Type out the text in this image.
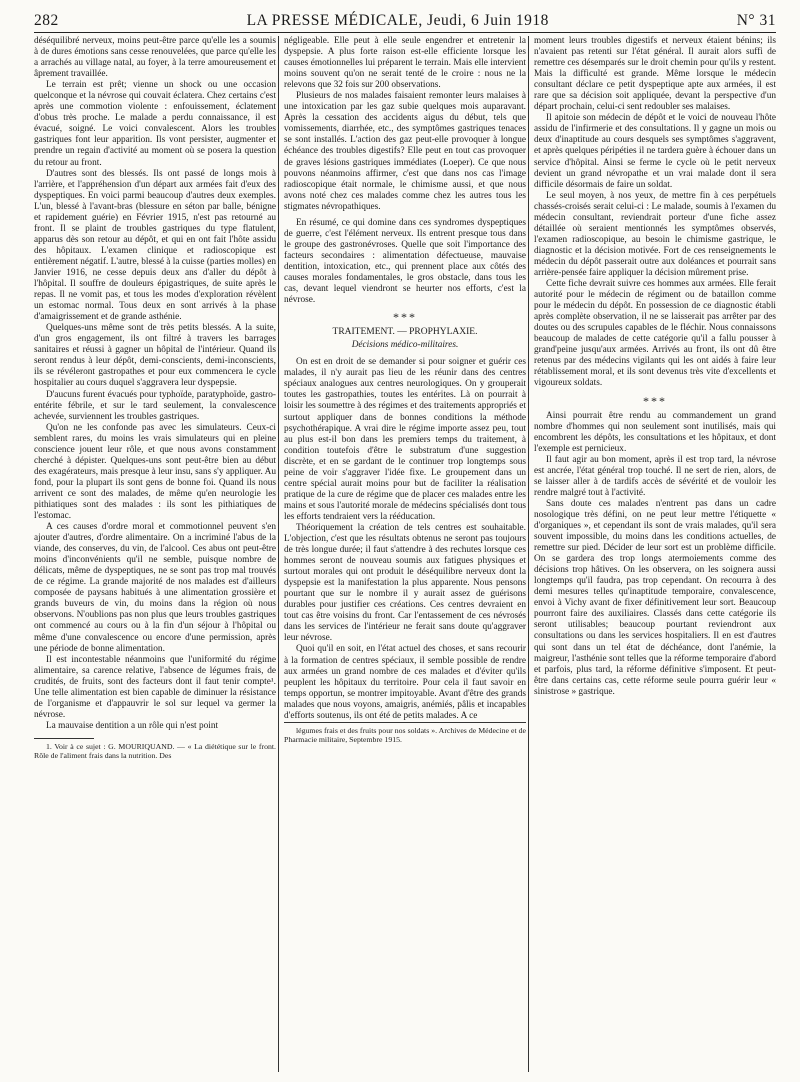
282	LA PRESSE MÉDICALE, Jeudi, 6 Juin 1918	N° 31

déséquilibré nerveux, moins peut-être parce qu'elle les a soumis à de dures émotions sans cesse renouvelées, que parce qu'elle les a arrachés au village natal, au foyer, à la terre amoureusement et âprement travaillée.

Le terrain est prêt; vienne un shock ou une occasion quelconque et la névrose qui couvait éclatera. Chez certains c'est après une commotion violente : enfouissement, éclatement d'obus très proche. Le malade a perdu connaissance, il est évacué, soigné. Le voici convalescent. Alors les troubles gastriques font leur apparition. Ils vont persister, augmenter et prendre un regain d'activité au moment où se posera la question du retour au front.

D'autres sont des blessés. Ils ont passé de longs mois à l'arrière, et l'appréhension d'un départ aux armées fait d'eux des dyspeptiques. En voici parmi beaucoup d'autres deux exemples. L'un, blessé à l'avant-bras (blessure en séton par balle, bénigne et rapidement guérie) en Février 1915, n'est pas retourné au front. Il se plaint de troubles gastriques du type flatulent, apparus dès son retour au dépôt, et qui en ont fait l'hôte assidu des hôpitaux. L'examen clinique et radioscopique est entièrement négatif. L'autre, blessé à la cuisse (parties molles) en Janvier 1916, ne cesse depuis deux ans d'aller du dépôt à l'hôpital. Il souffre de douleurs épigastriques, de suite après le repas. Il ne vomit pas, et tous les modes d'exploration révèlent un estomac normal. Tous deux en sont arrivés à la phase d'amaigrissement et de grande asthénie.

Quelques-uns même sont de très petits blessés. A la suite, d'un gros engagement, ils ont filtré à travers les barrages sanitaires et réussi à gagner un hôpital de l'intérieur. Quand ils seront rendus à leur dépôt, demi-conscients, demi-inconscients, ils se révéleront gastropathes et pour eux commencera le cycle hospitalier au cours duquel s'aggravera leur dyspepsie.

D'aucuns furent évacués pour typhoïde, paratyphoïde, gastro-entérite fébrile, et sur le tard seulement, la convalescence achevée, surviennent les troubles gastriques.

Qu'on ne les confonde pas avec les simulateurs. Ceux-ci semblent rares, du moins les vrais simulateurs qui en pleine conscience jouent leur rôle, et que nous avons constamment cherché à dépister. Quelques-uns sont peut-être bien au début des exagérateurs, mais presque à leur insu, sans s'y appliquer. Au fond, pour la plupart ils sont gens de bonne foi. Quand ils nous arrivent ce sont des malades, de même qu'en neurologie les pithiatiques sont des malades : ils sont les pithiatiques de l'estomac.

A ces causes d'ordre moral et commotionnel peuvent s'en ajouter d'autres, d'ordre alimentaire. On a incriminé l'abus de la viande, des conserves, du vin, de l'alcool. Ces abus ont peut-être moins d'inconvénients qu'il ne semble, puisque nombre de délicats, même de dyspeptiques, ne se sont pas trop mal trouvés de ce régime. La grande majorité de nos malades est d'ailleurs composée de paysans habitués à une alimentation grossière et grands buveurs de vin, du moins dans la région où nous observons. N'oublions pas non plus que leurs troubles gastriques ont commencé au cours ou à la fin d'un séjour à l'hôpital ou même d'une convalescence ou encore d'une permission, après une période de bonne alimentation.

Il est incontestable néanmoins que l'uniformité du régime alimentaire, sa carence relative, l'absence de légumes frais, de crudités, de fruits, sont des facteurs dont il faut tenir compte¹. Une telle alimentation est bien capable de diminuer la résistance de l'organisme et d'appauvrir le sol sur lequel va germer la névrose.

La mauvaise dentition a un rôle qui n'est point

1. Voir à ce sujet : G. MOURIQUAND. — « La diététique sur le front. Rôle de l'aliment frais dans la nutrition. Des

négligeable. Elle peut à elle seule engendrer et entretenir la dyspepsie. A plus forte raison est-elle efficiente lorsque les causes émotionnelles lui préparent le terrain. Mais elle intervient moins souvent qu'on ne serait tenté de le croire : nous ne la relevons que 32 fois sur 200 observations.

Plusieurs de nos malades faisaient remonter leurs malaises à une intoxication par les gaz subie quelques mois auparavant. Après la cessation des accidents aigus du début, tels que vomissements, diarrhée, etc., des symptômes gastriques tenaces se sont installés. L'action des gaz peut-elle provoquer à longue échéance des troubles digestifs? Elle peut en tout cas provoquer de graves lésions gastriques immédiates (Loeper). Ce que nous pouvons néanmoins affirmer, c'est que dans nos cas l'image radioscopique était normale, le chimisme aussi, et que nous avons noté chez ces malades comme chez les autres tous les stigmates névropathiques.

En résumé, ce qui domine dans ces syndromes dyspeptiques de guerre, c'est l'élément nerveux. Ils entrent presque tous dans le groupe des gastronévroses. Quelle que soit l'importance des facteurs secondaires : alimentation défectueuse, mauvaise dentition, intoxication, etc., qui prennent place aux côtés des causes morales fondamentales, le gros obstacle, dans tous les cas, devant lequel viendront se heurter nos efforts, c'est la névrose.

***

TRAITEMENT. — PROPHYLAXIE.

Décisions médico-militaires.

On est en droit de se demander si pour soigner et guérir ces malades, il n'y aurait pas lieu de les réunir dans des centres spéciaux analogues aux centres neurologiques. On y grouperait toutes les gastropathies, toutes les entérites. Là on pourrait à loisir les soumettre à des régimes et des traitements appropriés et surtout appliquer dans de bonnes conditions la méthode psychothérapique. A vrai dire le régime importe assez peu, tout au plus est-il bon dans les premiers temps du traitement, à condition toutefois d'être le substratum d'une suggestion discrète, et en se gardant de le continuer trop longtemps sous peine de voir s'aggraver l'idée fixe. Le groupement dans un centre spécial aurait moins pour but de faciliter la réalisation pratique de la cure de régime que de placer ces malades entre les mains et sous l'autorité morale de médecins spécialisés dont tous les efforts tendraient vers la rééducation.

Théoriquement la création de tels centres est souhaitable. L'objection, c'est que les résultats obtenus ne seront pas toujours de très longue durée; il faut s'attendre à des rechutes lorsque ces hommes seront de nouveau soumis aux fatigues physiques et surtout morales qui ont produit le déséquilibre nerveux dont la dyspepsie est la manifestation la plus apparente. Nous pensons pourtant que sur le nombre il y aurait assez de guérisons durables pour justifier ces créations. Ces centres devraient en tout cas être voisins du front. Car l'entassement de ces névrosés dans les services de l'intérieur ne ferait sans doute qu'aggraver leur névrose.

Quoi qu'il en soit, en l'état actuel des choses, et sans recourir à la formation de centres spéciaux, il semble possible de rendre aux armées un grand nombre de ces malades et d'éviter qu'ils peuplent les hôpitaux du territoire. Pour cela il faut savoir en temps opportun, se montrer impitoyable. Avant d'être des grands malades que nous voyons, amaigris, anémiés, pâlis et incapables d'efforts soutenus, ils ont été de petits malades. A ce

légumes frais et des fruits pour nos soldats ». Archives de Médecine et de Pharmacie militaire, Septembre 1915.

moment leurs troubles digestifs et nerveux étaient bénins; ils n'avaient pas retenti sur l'état général. Il aurait alors suffi de remettre ces désemparés sur le droit chemin pour qu'ils y restent. Mais la difficulté est grande. Même lorsque le médecin consultant déclare ce petit dyspeptique apte aux armées, il est rare que sa décision soit appliquée, devant la perspective d'un départ prochain, celui-ci sent redoubler ses malaises.

Il apitoie son médecin de dépôt et le voici de nouveau l'hôte assidu de l'infirmerie et des consultations. Il y gagne un mois ou deux d'inaptitude au cours desquels ses symptômes s'aggravent, et après quelques péripéties il ne tardera guère à échouer dans un service d'hôpital. Ainsi se ferme le cycle où le petit nerveux devient un grand névropathe et un vrai malade dont il sera difficile désormais de faire un soldat.

Le seul moyen, à nos yeux, de mettre fin à ces perpétuels chassés-croisés serait celui-ci : Le malade, soumis à l'examen du médecin consultant, reviendrait porteur d'une fiche assez détaillée où seraient mentionnés les symptômes observés, l'examen radioscopique, au besoin le chimisme gastrique, le diagnostic et la décision motivée. Fort de ces renseignements le médecin du dépôt passerait outre aux doléances et pourrait sans arrière-pensée faire appliquer la décision mûrement prise.

Cette fiche devrait suivre ces hommes aux armées. Elle ferait autorité pour le médecin de régiment ou de bataillon comme pour le médecin du dépôt. En possession de ce diagnostic établi après complète observation, il ne se laisserait pas arrêter par des doutes ou des scrupules capables de le fléchir. Nous connaissons beaucoup de malades de cette catégorie qu'il a fallu pousser à grand'peine jusqu'aux armées. Arrivés au front, ils ont dû être retenus par des médecins vigilants qui les ont aidés à faire leur rétablissement moral, et ils sont devenus très vite d'excellents et vigoureux soldats.

***

Ainsi pourrait être rendu au commandement un grand nombre d'hommes qui non seulement sont inutilisés, mais qui encombrent les dépôts, les consultations et les hôpitaux, et dont l'exemple est pernicieux.

Il faut agir au bon moment, après il est trop tard, la névrose est ancrée, l'état général trop touché. Il ne sert de rien, alors, de se laisser aller à de tardifs accès de sévérité et de vouloir les rendre malgré tout à l'activité.

Sans doute ces malades n'entrent pas dans un cadre nosologique très défini, on ne peut leur mettre l'étiquette « d'organiques », et cependant ils sont de vrais malades, qu'il sera souvent impossible, du moins dans les conditions actuelles, de remettre sur pied. Décider de leur sort est un problème difficile. On se gardera des trop longs atermoiements comme des décisions trop hâtives. On les observera, on les soignera aussi longtemps qu'il faudra, pas trop cependant. On recourra à des demi mesures telles qu'inaptitude temporaire, convalescence, envoi à Vichy avant de fixer définitivement leur sort. Beaucoup pourront faire des auxiliaires. Classés dans cette catégorie ils seront utilisables; beaucoup pourtant reviendront aux consultations ou dans les services hospitaliers. Il en est d'autres qui sont dans un tel état de déchéance, dont l'anémie, la maigreur, l'asthénie sont telles que la réforme temporaire d'abord et parfois, plus tard, la réforme définitive s'imposent. Et peut-être dans certains cas, cette réforme seule pourra guérir leur « sinistrose » gastrique.
